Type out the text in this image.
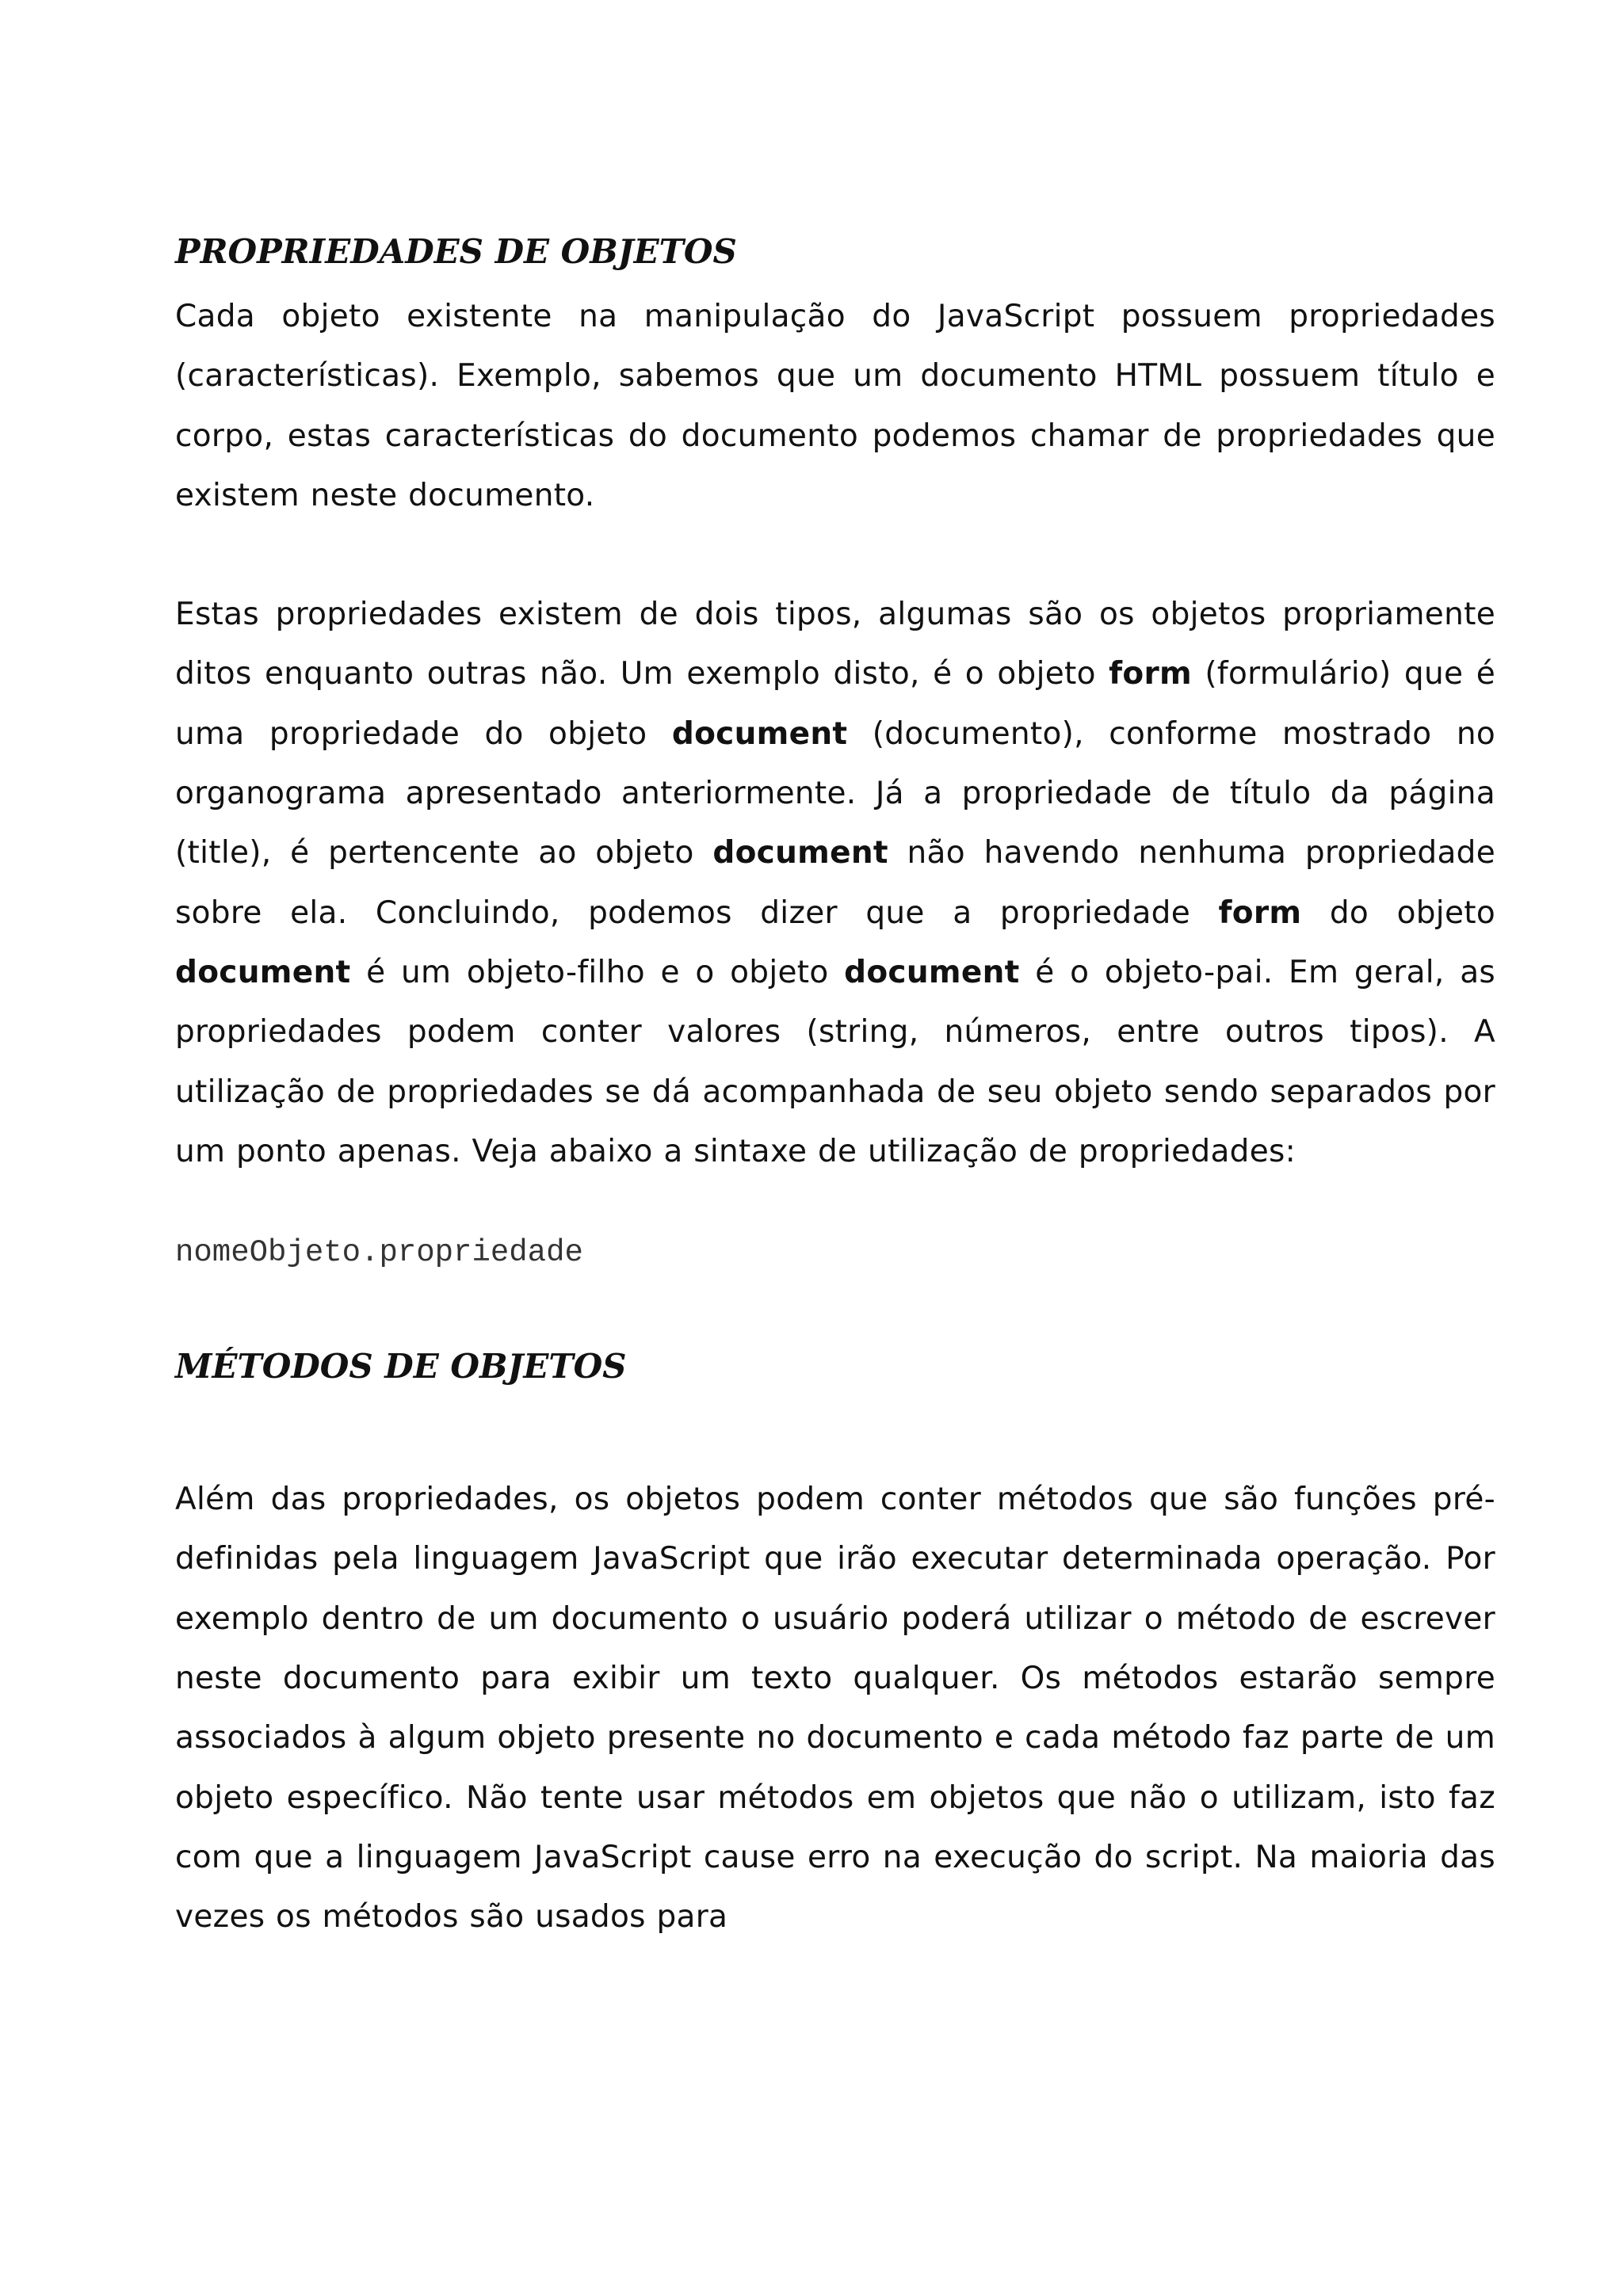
PROPRIEDADES DE OBJETOS

Cada objeto existente na manipulação do JavaScript possuem propriedades (características). Exemplo, sabemos que um documento HTML possuem título e corpo, estas características do documento podemos chamar de propriedades que existem neste documento.

Estas propriedades existem de dois tipos, algumas são os objetos propriamente ditos enquanto outras não. Um exemplo disto, é o objeto form (formulário) que é uma propriedade do objeto document (documento), conforme mostrado no organograma apresentado anteriormente. Já a propriedade de título da página (title), é pertencente ao objeto document não havendo nenhuma propriedade sobre ela. Concluindo, podemos dizer que a propriedade form do objeto document é um objeto-filho e o objeto document é o objeto-pai. Em geral, as propriedades podem conter valores (string, números, entre outros tipos). A utilização de propriedades se dá acompanhada de seu objeto sendo separados por um ponto apenas. Veja abaixo a sintaxe de utilização de propriedades:

nomeObjeto.propriedade

MÉTODOS DE OBJETOS

Além das propriedades, os objetos podem conter métodos que são funções pré-definidas pela linguagem JavaScript que irão executar determinada operação. Por exemplo dentro de um documento o usuário poderá utilizar o método de escrever neste documento para exibir um texto qualquer. Os métodos estarão sempre associados à algum objeto presente no documento e cada método faz parte de um objeto específico. Não tente usar métodos em objetos que não o utilizam, isto faz com que a linguagem JavaScript cause erro na execução do script. Na maioria das vezes os métodos são usados para
